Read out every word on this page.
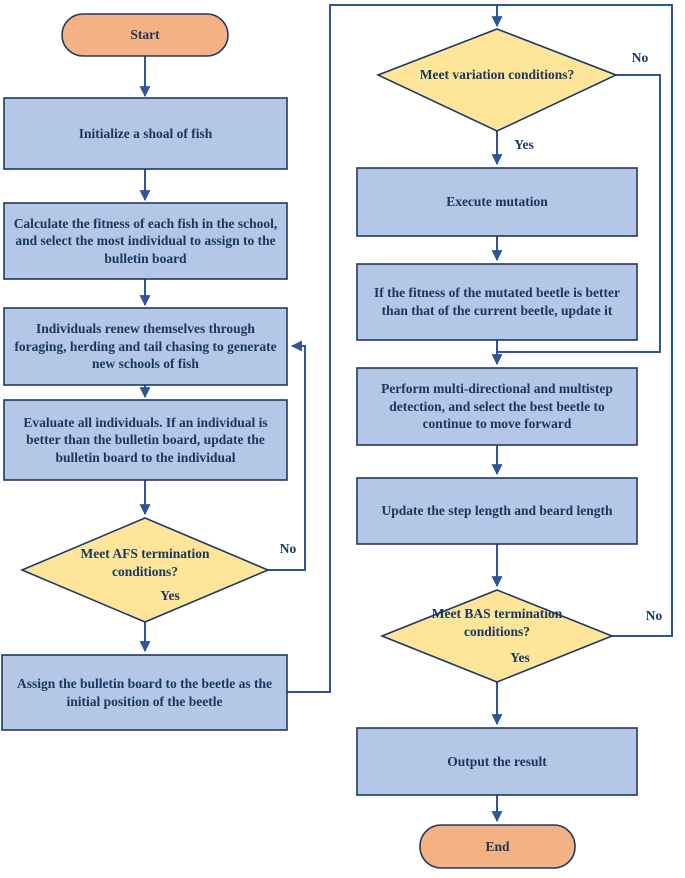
Start
Initialize a shoal of fish
Calculate the fitness of each fish in the school, and select the most individual to assign to the bulletin board
Individuals renew themselves through foraging, herding and tail chasing to generate new schools of fish
Evaluate all individuals. If an individual is better than the bulletin board, update the bulletin board to the individual
Meet AFS termination conditions?
Assign the bulletin board to the beetle as the initial position of the beetle
Meet variation conditions?
Execute mutation
If the fitness of the mutated beetle is better than that of the current beetle, update it
Perform multi-directional and multistep detection, and select the best beetle to continue to move forward
Update the step length and beard length
Meet BAS termination conditions?
Output the result
End
Yes
No
Yes
No
Yes
No
